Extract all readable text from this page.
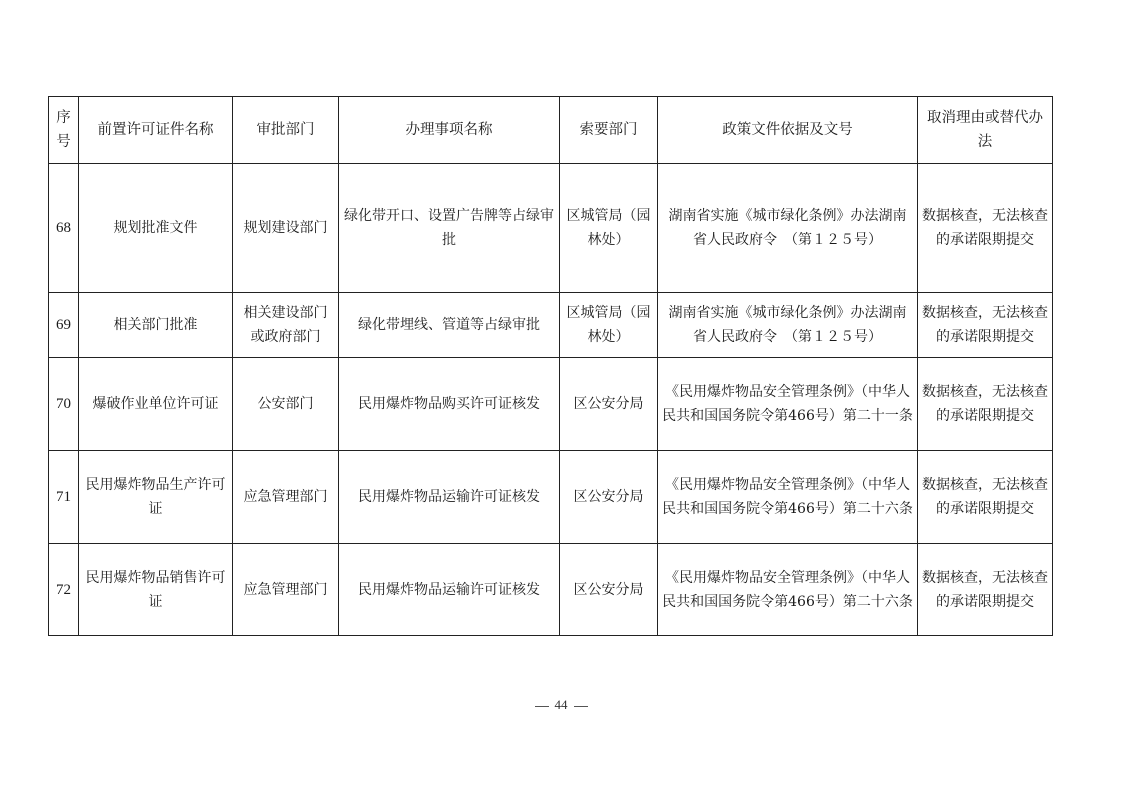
序号	前置许可证件名称	审批部门	办理事项名称	索要部门	政策文件依据及文号	取消理由或替代办法
68	规划批准文件	规划建设部门	绿化带开口、设置广告牌等占绿审批	区城管局（园林处）	湖南省实施《城市绿化条例》办法湖南省人民政府令　（第１２５号）	数据核查，无法核查的承诺限期提交
69	相关部门批准	相关建设部门或政府部门	绿化带埋线、管道等占绿审批	区城管局（园林处）	湖南省实施《城市绿化条例》办法湖南省人民政府令　（第１２５号）	数据核查，无法核查的承诺限期提交
70	爆破作业单位许可证	公安部门	民用爆炸物品购买许可证核发	区公安分局	《民用爆炸物品安全管理条例》（中华人民共和国国务院令第466号）第二十一条	数据核查，无法核查的承诺限期提交
71	民用爆炸物品生产许可证	应急管理部门	民用爆炸物品运输许可证核发	区公安分局	《民用爆炸物品安全管理条例》（中华人民共和国国务院令第466号）第二十六条	数据核查，无法核查的承诺限期提交
72	民用爆炸物品销售许可证	应急管理部门	民用爆炸物品运输许可证核发	区公安分局	《民用爆炸物品安全管理条例》（中华人民共和国国务院令第466号）第二十六条	数据核查，无法核查的承诺限期提交
44
